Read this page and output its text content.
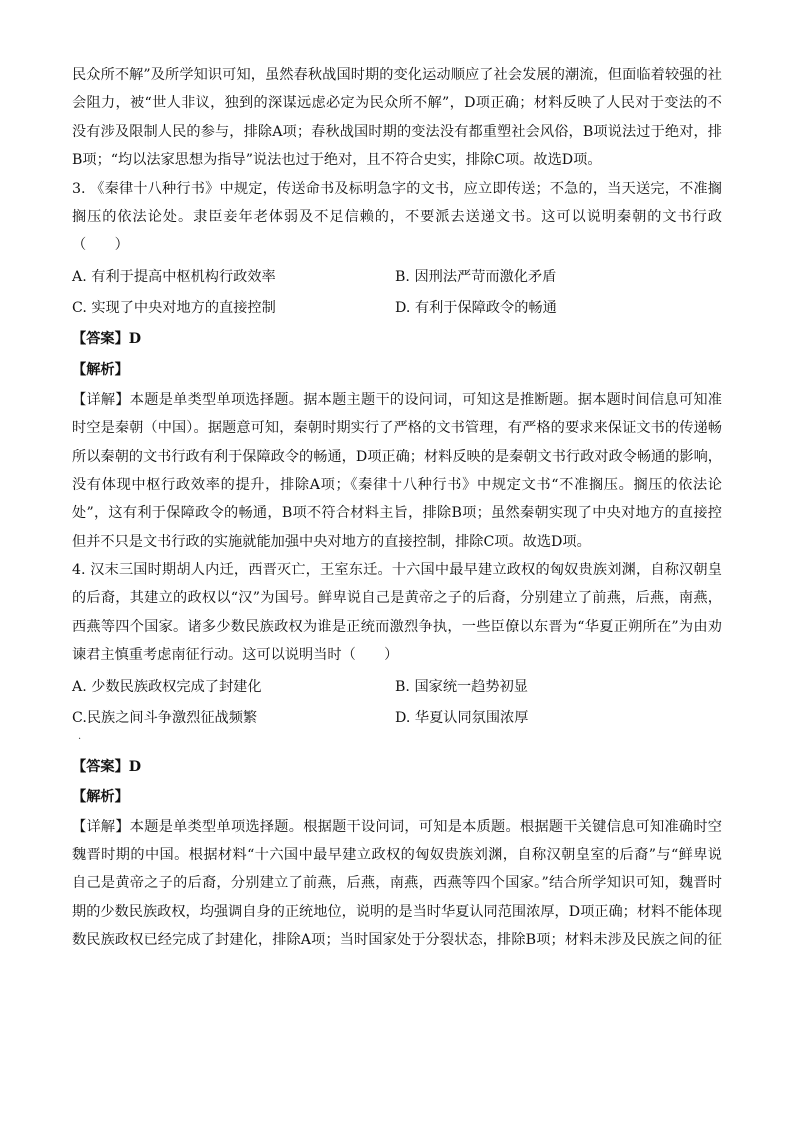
民众所不解”及所学知识可知，虽然春秋战国时期的变化运动顺应了社会发展的潮流，但面临着较强的社
会阻力，被“世人非议，独到的深谋远虑必定为民众所不解”，D项正确；材料反映了人民对于变法的不
没有涉及限制人民的参与，排除A项；春秋战国时期的变法没有都重塑社会风俗，B项说法过于绝对，排
B项；“均以法家思想为指导”说法也过于绝对，且不符合史实，排除C项。故选D项。
3. 《秦律十八种行书》中规定，传送命书及标明急字的文书，应立即传送；不急的，当天送完，不准搁
搁压的依法论处。隶臣妾年老体弱及不足信赖的，不要派去送递文书。这可以说明秦朝的文书行政
（　　）
A. 有利于提高中枢机构行政效率	B. 因刑法严苛而激化矛盾
C. 实现了中央对地方的直接控制	D. 有利于保障政令的畅通
【答案】D
【解析】
【详解】本题是单类型单项选择题。据本题主题干的设问词，可知这是推断题。据本题时间信息可知准
时空是秦朝（中国）。据题意可知，秦朝时期实行了严格的文书管理，有严格的要求来保证文书的传递畅
所以秦朝的文书行政有利于保障政令的畅通，D项正确；材料反映的是秦朝文书行政对政令畅通的影响，
没有体现中枢行政效率的提升，排除A项；《秦律十八种行书》中规定文书“不准搁压。搁压的依法论
处”，这有利于保障政令的畅通，B项不符合材料主旨，排除B项；虽然秦朝实现了中央对地方的直接控
但并不只是文书行政的实施就能加强中央对地方的直接控制，排除C项。故选D项。
4. 汉末三国时期胡人内迁，西晋灭亡，王室东迁。十六国中最早建立政权的匈奴贵族刘渊，自称汉朝皇
的后裔，其建立的政权以“汉”为国号。鲜卑说自己是黄帝之子的后裔，分别建立了前燕，后燕，南燕，
西燕等四个国家。诸多少数民族政权为谁是正统而激烈争执，一些臣僚以东晋为“华夏正朔所在”为由劝
谏君主慎重考虑南征行动。这可以说明当时（　　）
A. 少数民族政权完成了封建化	B. 国家统一趋势初显
C.民族之间斗争激烈征战频繁	D. 华夏认同氛围浓厚
·
【答案】D
【解析】
【详解】本题是单类型单项选择题。根据题干设问词，可知是本质题。根据题干关键信息可知准确时空
魏晋时期的中国。根据材料“十六国中最早建立政权的匈奴贵族刘渊，自称汉朝皇室的后裔”与“鲜卑说
自己是黄帝之子的后裔，分别建立了前燕，后燕，南燕，西燕等四个国家。”结合所学知识可知，魏晋时
期的少数民族政权，均强调自身的正统地位，说明的是当时华夏认同范围浓厚，D项正确；材料不能体现
数民族政权已经完成了封建化，排除A项；当时国家处于分裂状态，排除B项；材料未涉及民族之间的征
